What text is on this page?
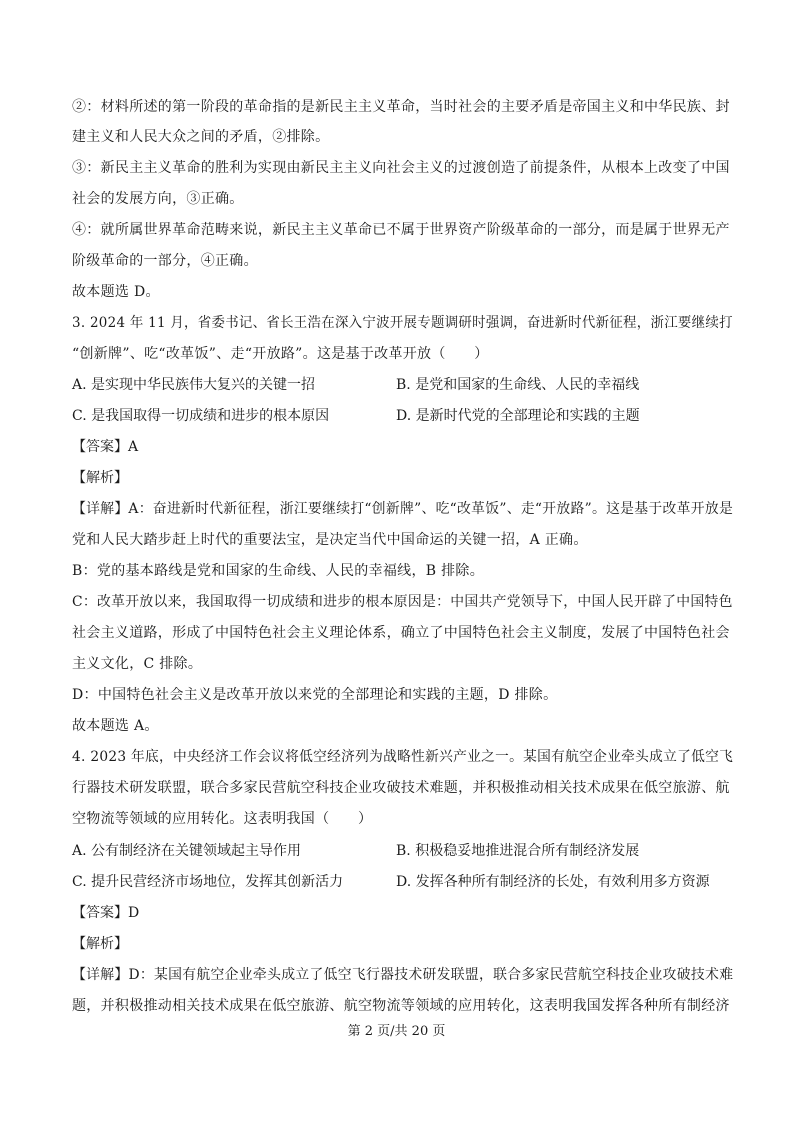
②：材料所述的第一阶段的革命指的是新民主主义革命，当时社会的主要矛盾是帝国主义和中华民族、封

建主义和人民大众之间的矛盾，②排除。

③：新民主主义革命的胜利为实现由新民主主义向社会主义的过渡创造了前提条件，从根本上改变了中国

社会的发展方向，③正确。

④：就所属世界革命范畴来说，新民主主义革命已不属于世界资产阶级革命的一部分，而是属于世界无产

阶级革命的一部分，④正确。

故本题选 D。

3. 2024 年 11 月，省委书记、省长王浩在深入宁波开展专题调研时强调，奋进新时代新征程，浙江要继续打

“创新牌”、吃“改革饭”、走“开放路”。这是基于改革开放（　　）

A. 是实现中华民族伟大复兴的关键一招	B. 是党和国家的生命线、人民的幸福线
C. 是我国取得一切成绩和进步的根本原因	D. 是新时代党的全部理论和实践的主题
【答案】A
【解析】

【详解】A：奋进新时代新征程，浙江要继续打“创新牌”、吃“改革饭”、走“开放路”。这是基于改革开放是

党和人民大踏步赶上时代的重要法宝，是决定当代中国命运的关键一招，A 正确。

B：党的基本路线是党和国家的生命线、人民的幸福线，B 排除。

C：改革开放以来，我国取得一切成绩和进步的根本原因是：中国共产党领导下，中国人民开辟了中国特色

社会主义道路，形成了中国特色社会主义理论体系，确立了中国特色社会主义制度，发展了中国特色社会

主义文化，C 排除。

D：中国特色社会主义是改革开放以来党的全部理论和实践的主题，D 排除。

故本题选 A。

4. 2023 年底，中央经济工作会议将低空经济列为战略性新兴产业之一。某国有航空企业牵头成立了低空飞

行器技术研发联盟，联合多家民营航空科技企业攻破技术难题，并积极推动相关技术成果在低空旅游、航

空物流等领域的应用转化。这表明我国（　　）

A. 公有制经济在关键领域起主导作用	B. 积极稳妥地推进混合所有制经济发展
C. 提升民营经济市场地位，发挥其创新活力	D. 发挥各种所有制经济的长处，有效利用多方资源
【答案】D
【解析】

【详解】D：某国有航空企业牵头成立了低空飞行器技术研发联盟，联合多家民营航空科技企业攻破技术难

题，并积极推动相关技术成果在低空旅游、航空物流等领域的应用转化，这表明我国发挥各种所有制经济

第 2 页/共 20 页
